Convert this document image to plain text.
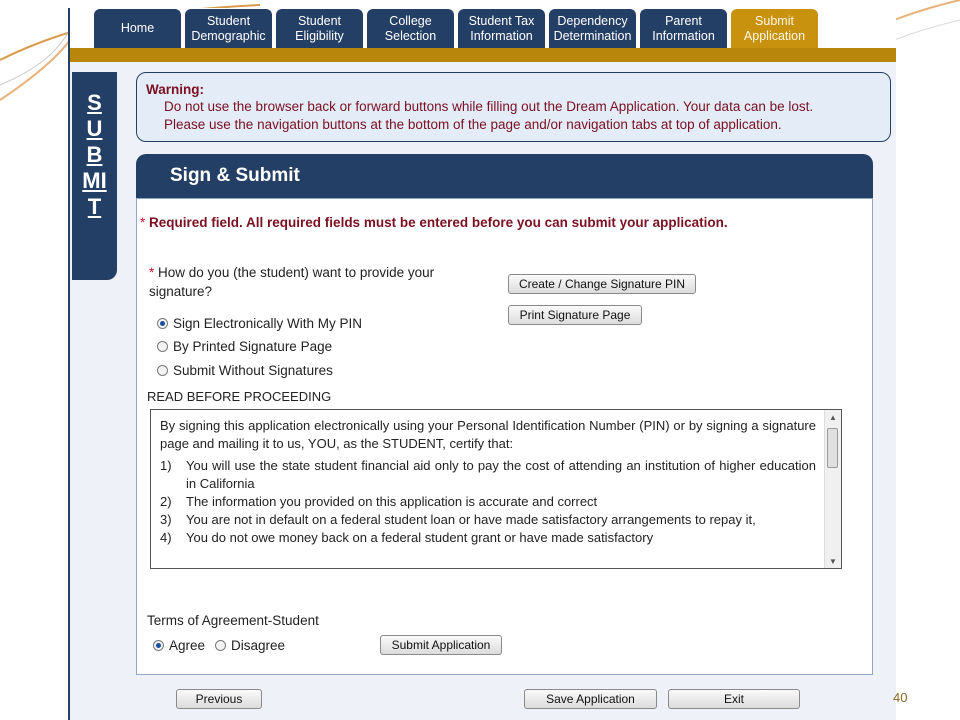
Home
Student
Demographic
Student
Eligibility
College
Selection
Student Tax
Information
Dependency
Determination
Parent
Information
Submit
Application
SUBMIT
Warning:
Do not use the browser back or forward buttons while filling out the Dream Application. Your data can be lost.
Please use the navigation buttons at the bottom of the page and/or navigation tabs at top of application.
Sign & Submit
* Required field. All required fields must be entered before you can submit your application.
* How do you (the student) want to provide your signature?
Sign Electronically With My PIN
By Printed Signature Page
Submit Without Signatures
Create / Change Signature PIN
Print Signature Page
READ BEFORE PROCEEDING

By signing this application electronically using your Personal Identification Number (PIN) or by signing a signature page and mailing it to us, YOU, as the STUDENT, certify that:

1) You will use the state student financial aid only to pay the cost of attending an institution of higher education in California
2) The information you provided on this application is accurate and correct
3) You are not in default on a federal student loan or have made satisfactory arrangements to repay it,
4) You do not owe money back on a federal student grant or have made satisfactory
▲
▼
Terms of Agreement-Student
Agree Disagree	Submit Application
Previous	Save Application	Exit	40
